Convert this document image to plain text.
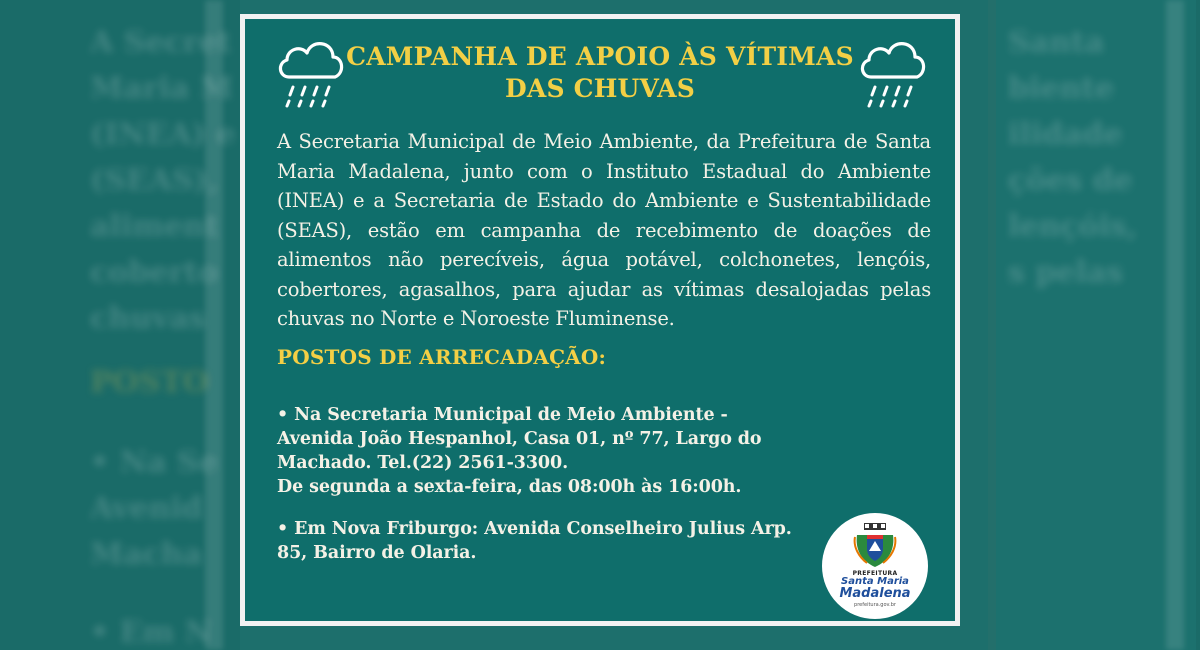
A Secret
Maria M
(INEA) e
(SEAS),
aliment
coberto
chuvas
POSTO
• Na Se
Avenid
Macha
• Em N
Santa
biente
ilidade
ções de
lençóis,
s pelas
CAMPANHA DE APOIO ÀS VÍTIMAS
DAS CHUVAS
A Secretaria Municipal de Meio Ambiente, da Prefeitura de Santa Maria Madalena, junto com o Instituto Estadual do Ambiente (INEA) e a Secretaria de Estado do Ambiente e Sustentabilidade (SEAS), estão em campanha de recebimento de doações de alimentos não perecíveis, água potável, colchonetes, lençóis, cobertores, agasalhos, para ajudar as vítimas desalojadas pelas chuvas no Norte e Noroeste Fluminense.
POSTOS DE ARRECADAÇÃO:
• Na Secretaria Municipal de Meio Ambiente -
Avenida João Hespanhol, Casa 01, nº 77, Largo do
Machado. Tel.(22) 2561-3300.
De segunda a sexta-feira, das 08:00h às 16:00h.
• Em Nova Friburgo: Avenida Conselheiro Julius Arp.
85, Bairro de Olaria.
PREFEITURA
Santa Maria
Madalena
prefeitura.gov.br
